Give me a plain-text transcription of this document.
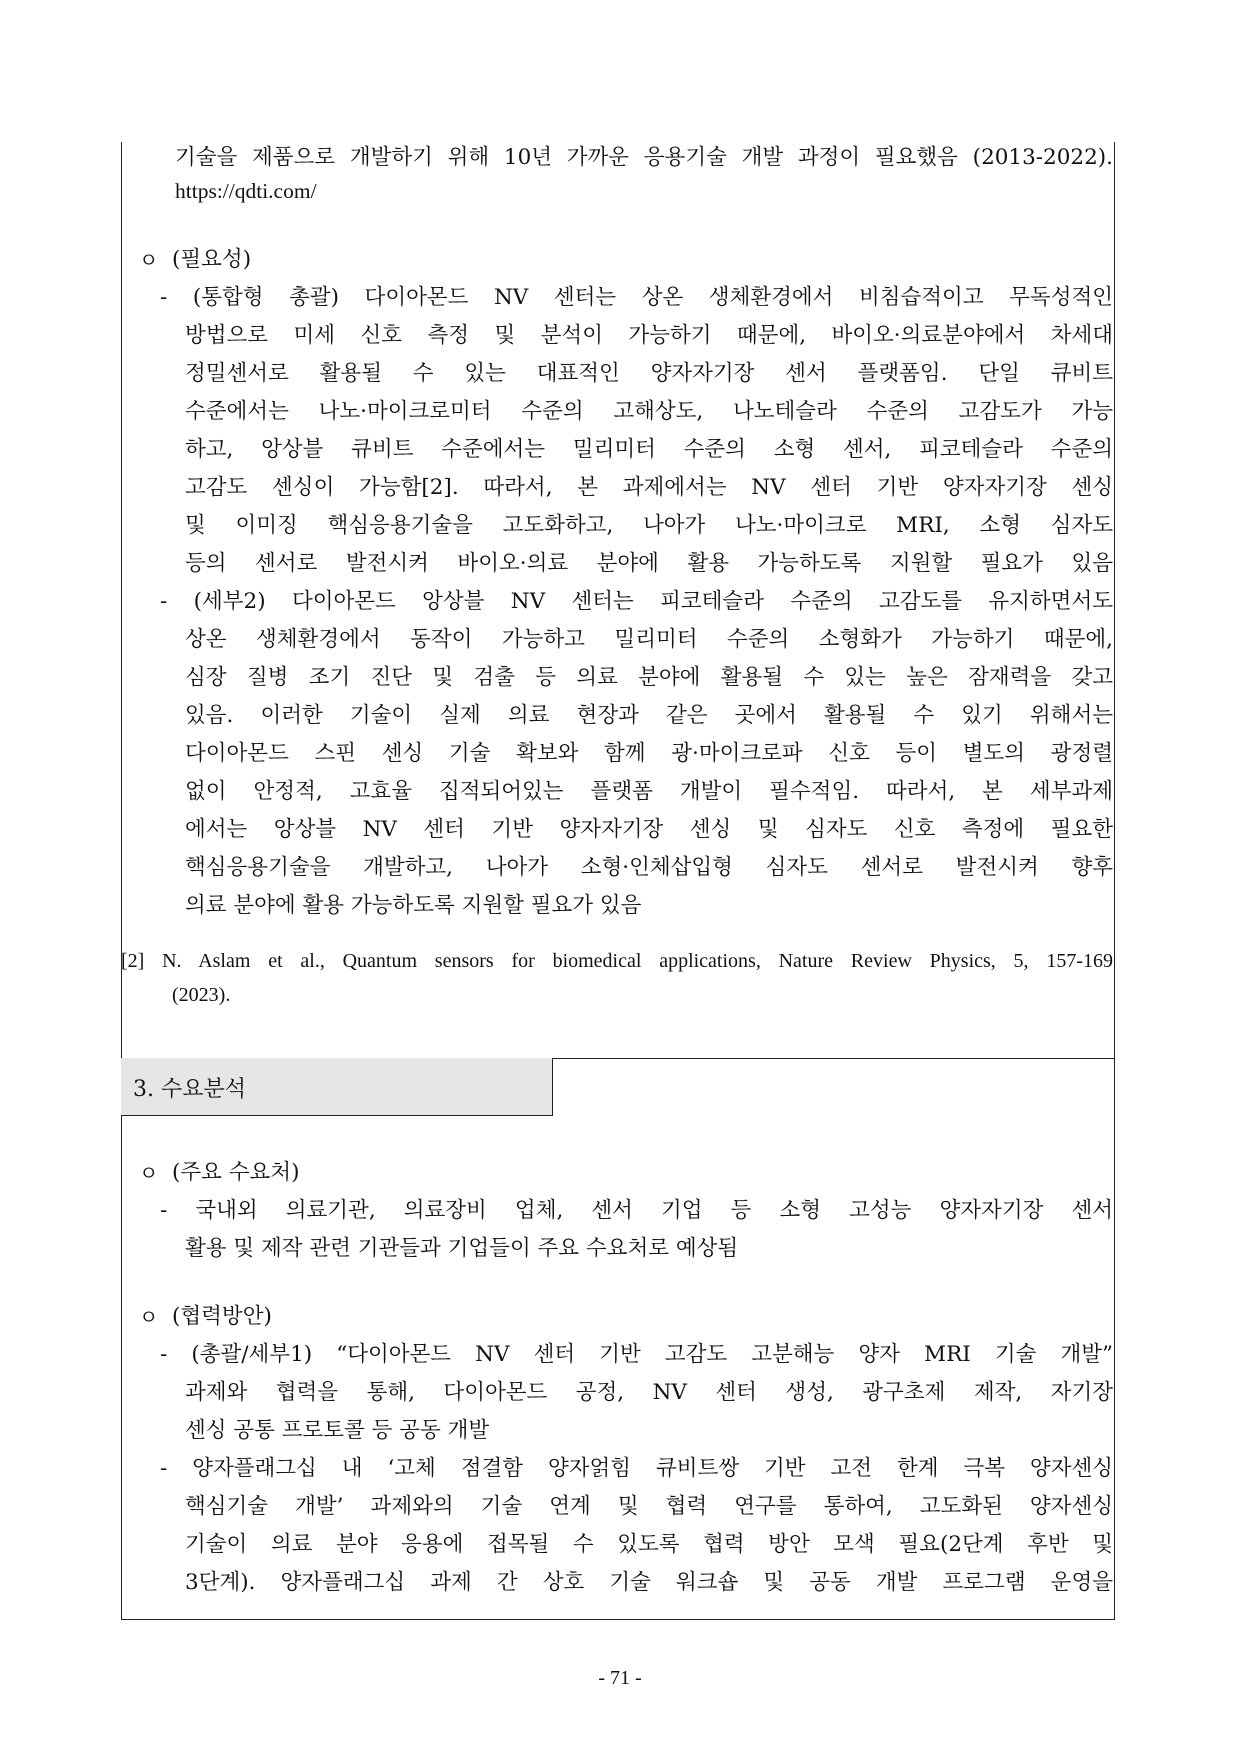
기술을 제품으로 개발하기 위해 10년 가까운 응용기술 개발 과정이 필요했음 (2013-2022).
https://qdti.com/
ㅇ (필요성)
- (통합형 총괄) 다이아몬드 NV 센터는 상온 생체환경에서 비침습적이고 무독성적인
방법으로 미세 신호 측정 및 분석이 가능하기 때문에, 바이오·의료분야에서 차세대
정밀센서로 활용될 수 있는 대표적인 양자자기장 센서 플랫폼임. 단일 큐비트
수준에서는 나노·마이크로미터 수준의 고해상도, 나노테슬라 수준의 고감도가 가능
하고, 앙상블 큐비트 수준에서는 밀리미터 수준의 소형 센서, 피코테슬라 수준의
고감도 센싱이 가능함[2]. 따라서, 본 과제에서는 NV 센터 기반 양자자기장 센싱
및 이미징 핵심응용기술을 고도화하고, 나아가 나노·마이크로 MRI, 소형 심자도
등의 센서로 발전시켜 바이오·의료 분야에 활용 가능하도록 지원할 필요가 있음
- (세부2) 다이아몬드 앙상블 NV 센터는 피코테슬라 수준의 고감도를 유지하면서도
상온 생체환경에서 동작이 가능하고 밀리미터 수준의 소형화가 가능하기 때문에,
심장 질병 조기 진단 및 검출 등 의료 분야에 활용될 수 있는 높은 잠재력을 갖고
있음. 이러한 기술이 실제 의료 현장과 같은 곳에서 활용될 수 있기 위해서는
다이아몬드 스핀 센싱 기술 확보와 함께 광·마이크로파 신호 등이 별도의 광정렬
없이 안정적, 고효율 집적되어있는 플랫폼 개발이 필수적임. 따라서, 본 세부과제
에서는 앙상블 NV 센터 기반 양자자기장 센싱 및 심자도 신호 측정에 필요한
핵심응용기술을 개발하고, 나아가 소형·인체삽입형 심자도 센서로 발전시켜 향후
의료 분야에 활용 가능하도록 지원할 필요가 있음
[2] N. Aslam et al., Quantum sensors for biomedical applications, Nature Review Physics, 5, 157-169
(2023).
3. 수요분석
ㅇ (주요 수요처)
- 국내외 의료기관, 의료장비 업체, 센서 기업 등 소형 고성능 양자자기장 센서
활용 및 제작 관련 기관들과 기업들이 주요 수요처로 예상됨
ㅇ (협력방안)
- (총괄/세부1) “다이아몬드 NV 센터 기반 고감도 고분해능 양자 MRI 기술 개발”
과제와 협력을 통해, 다이아몬드 공정, NV 센터 생성, 광구초제 제작, 자기장
센싱 공통 프로토콜 등 공동 개발
- 양자플래그십 내 ‘고체 점결함 양자얽힘 큐비트쌍 기반 고전 한계 극복 양자센싱
핵심기술 개발’ 과제와의 기술 연계 및 협력 연구를 통하여, 고도화된 양자센싱
기술이 의료 분야 응용에 접목될 수 있도록 협력 방안 모색 필요(2단계 후반 및
3단계). 양자플래그십 과제 간 상호 기술 워크숍 및 공동 개발 프로그램 운영을
- 71 -
